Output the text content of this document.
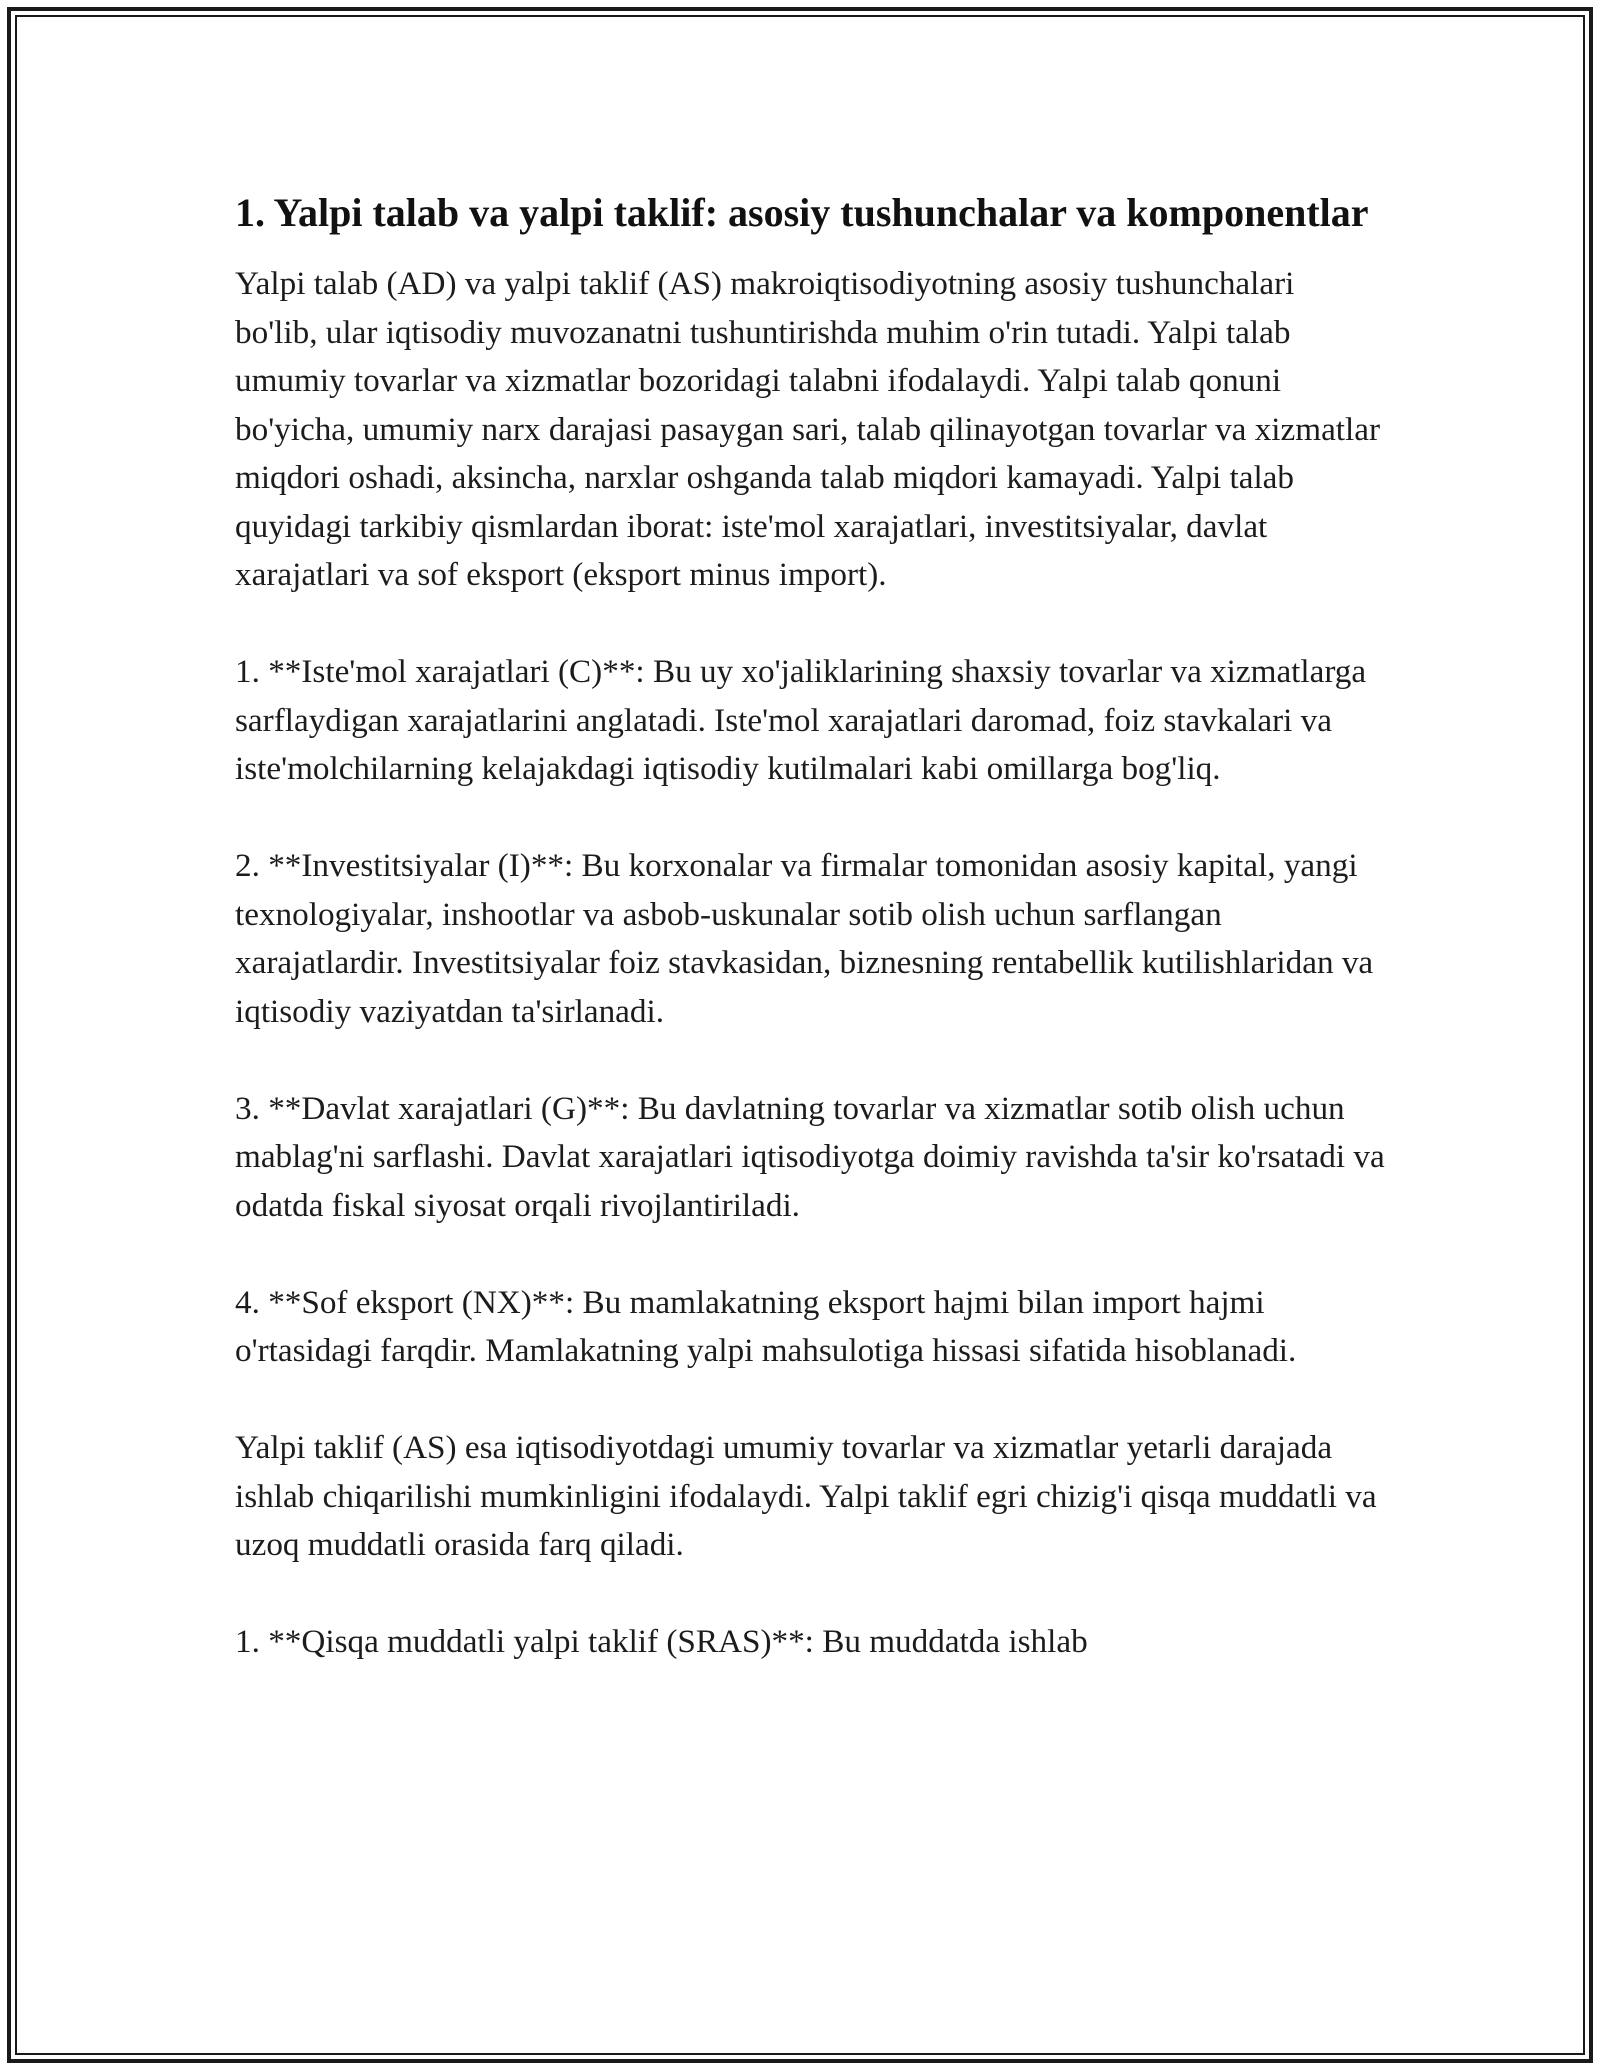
1. Yalpi talab va yalpi taklif: asosiy tushunchalar va komponentlar

Yalpi talab (AD) va yalpi taklif (AS) makroiqtisodiyotning asosiy tushunchalari bo'lib, ular iqtisodiy muvozanatni tushuntirishda muhim o'rin tutadi. Yalpi talab umumiy tovarlar va xizmatlar bozoridagi talabni ifodalaydi. Yalpi talab qonuni bo'yicha, umumiy narx darajasi pasaygan sari, talab qilinayotgan tovarlar va xizmatlar miqdori oshadi, aksincha, narxlar oshganda talab miqdori kamayadi. Yalpi talab quyidagi tarkibiy qismlardan iborat: iste'mol xarajatlari, investitsiyalar, davlat xarajatlari va sof eksport (eksport minus import).

1. **Iste'mol xarajatlari (C)**: Bu uy xo'jaliklarining shaxsiy tovarlar va xizmatlarga sarflaydigan xarajatlarini anglatadi. Iste'mol xarajatlari daromad, foiz stavkalari va iste'molchilarning kelajakdagi iqtisodiy kutilmalari kabi omillarga bog'liq.

2. **Investitsiyalar (I)**: Bu korxonalar va firmalar tomonidan asosiy kapital, yangi texnologiyalar, inshootlar va asbob-uskunalar sotib olish uchun sarflangan xarajatlardir. Investitsiyalar foiz stavkasidan, biznesning rentabellik kutilishlaridan va iqtisodiy vaziyatdan ta'sirlanadi.

3. **Davlat xarajatlari (G)**: Bu davlatning tovarlar va xizmatlar sotib olish uchun mablag'ni sarflashi. Davlat xarajatlari iqtisodiyotga doimiy ravishda ta'sir ko'rsatadi va odatda fiskal siyosat orqali rivojlantiriladi.

4. **Sof eksport (NX)**: Bu mamlakatning eksport hajmi bilan import hajmi o'rtasidagi farqdir. Mamlakatning yalpi mahsulotiga hissasi sifatida hisoblanadi.

Yalpi taklif (AS) esa iqtisodiyotdagi umumiy tovarlar va xizmatlar yetarli darajada ishlab chiqarilishi mumkinligini ifodalaydi. Yalpi taklif egri chizig'i qisqa muddatli va uzoq muddatli orasida farq qiladi.

1. **Qisqa muddatli yalpi taklif (SRAS)**: Bu muddatda ishlab
